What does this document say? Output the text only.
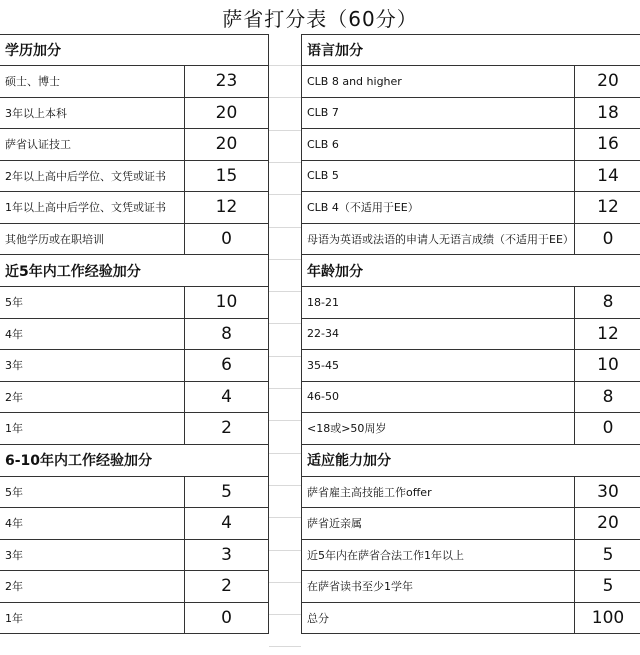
萨省打分表（60分）
学历加分
硕士、博士	23
3年以上本科	20
萨省认证技工	20
2年以上高中后学位、文凭或证书	15
1年以上高中后学位、文凭或证书	12
其他学历或在职培训	0
近5年内工作经验加分
5年	10
4年	8
3年	6
2年	4
1年	2
6-10年内工作经验加分
5年	5
4年	4
3年	3
2年	2
1年	0
语言加分
CLB 8 and higher	20
CLB 7	18
CLB 6	16
CLB 5	14
CLB 4（不适用于EE）	12
母语为英语或法语的申请人无语言成绩（不适用于EE）	0
年龄加分
18-21	8
22-34	12
35-45	10
46-50	8
<18或>50周岁	0
适应能力加分
萨省雇主高技能工作offer	30
萨省近亲属	20
近5年内在萨省合法工作1年以上	5
在萨省读书至少1学年	5
总分	100
